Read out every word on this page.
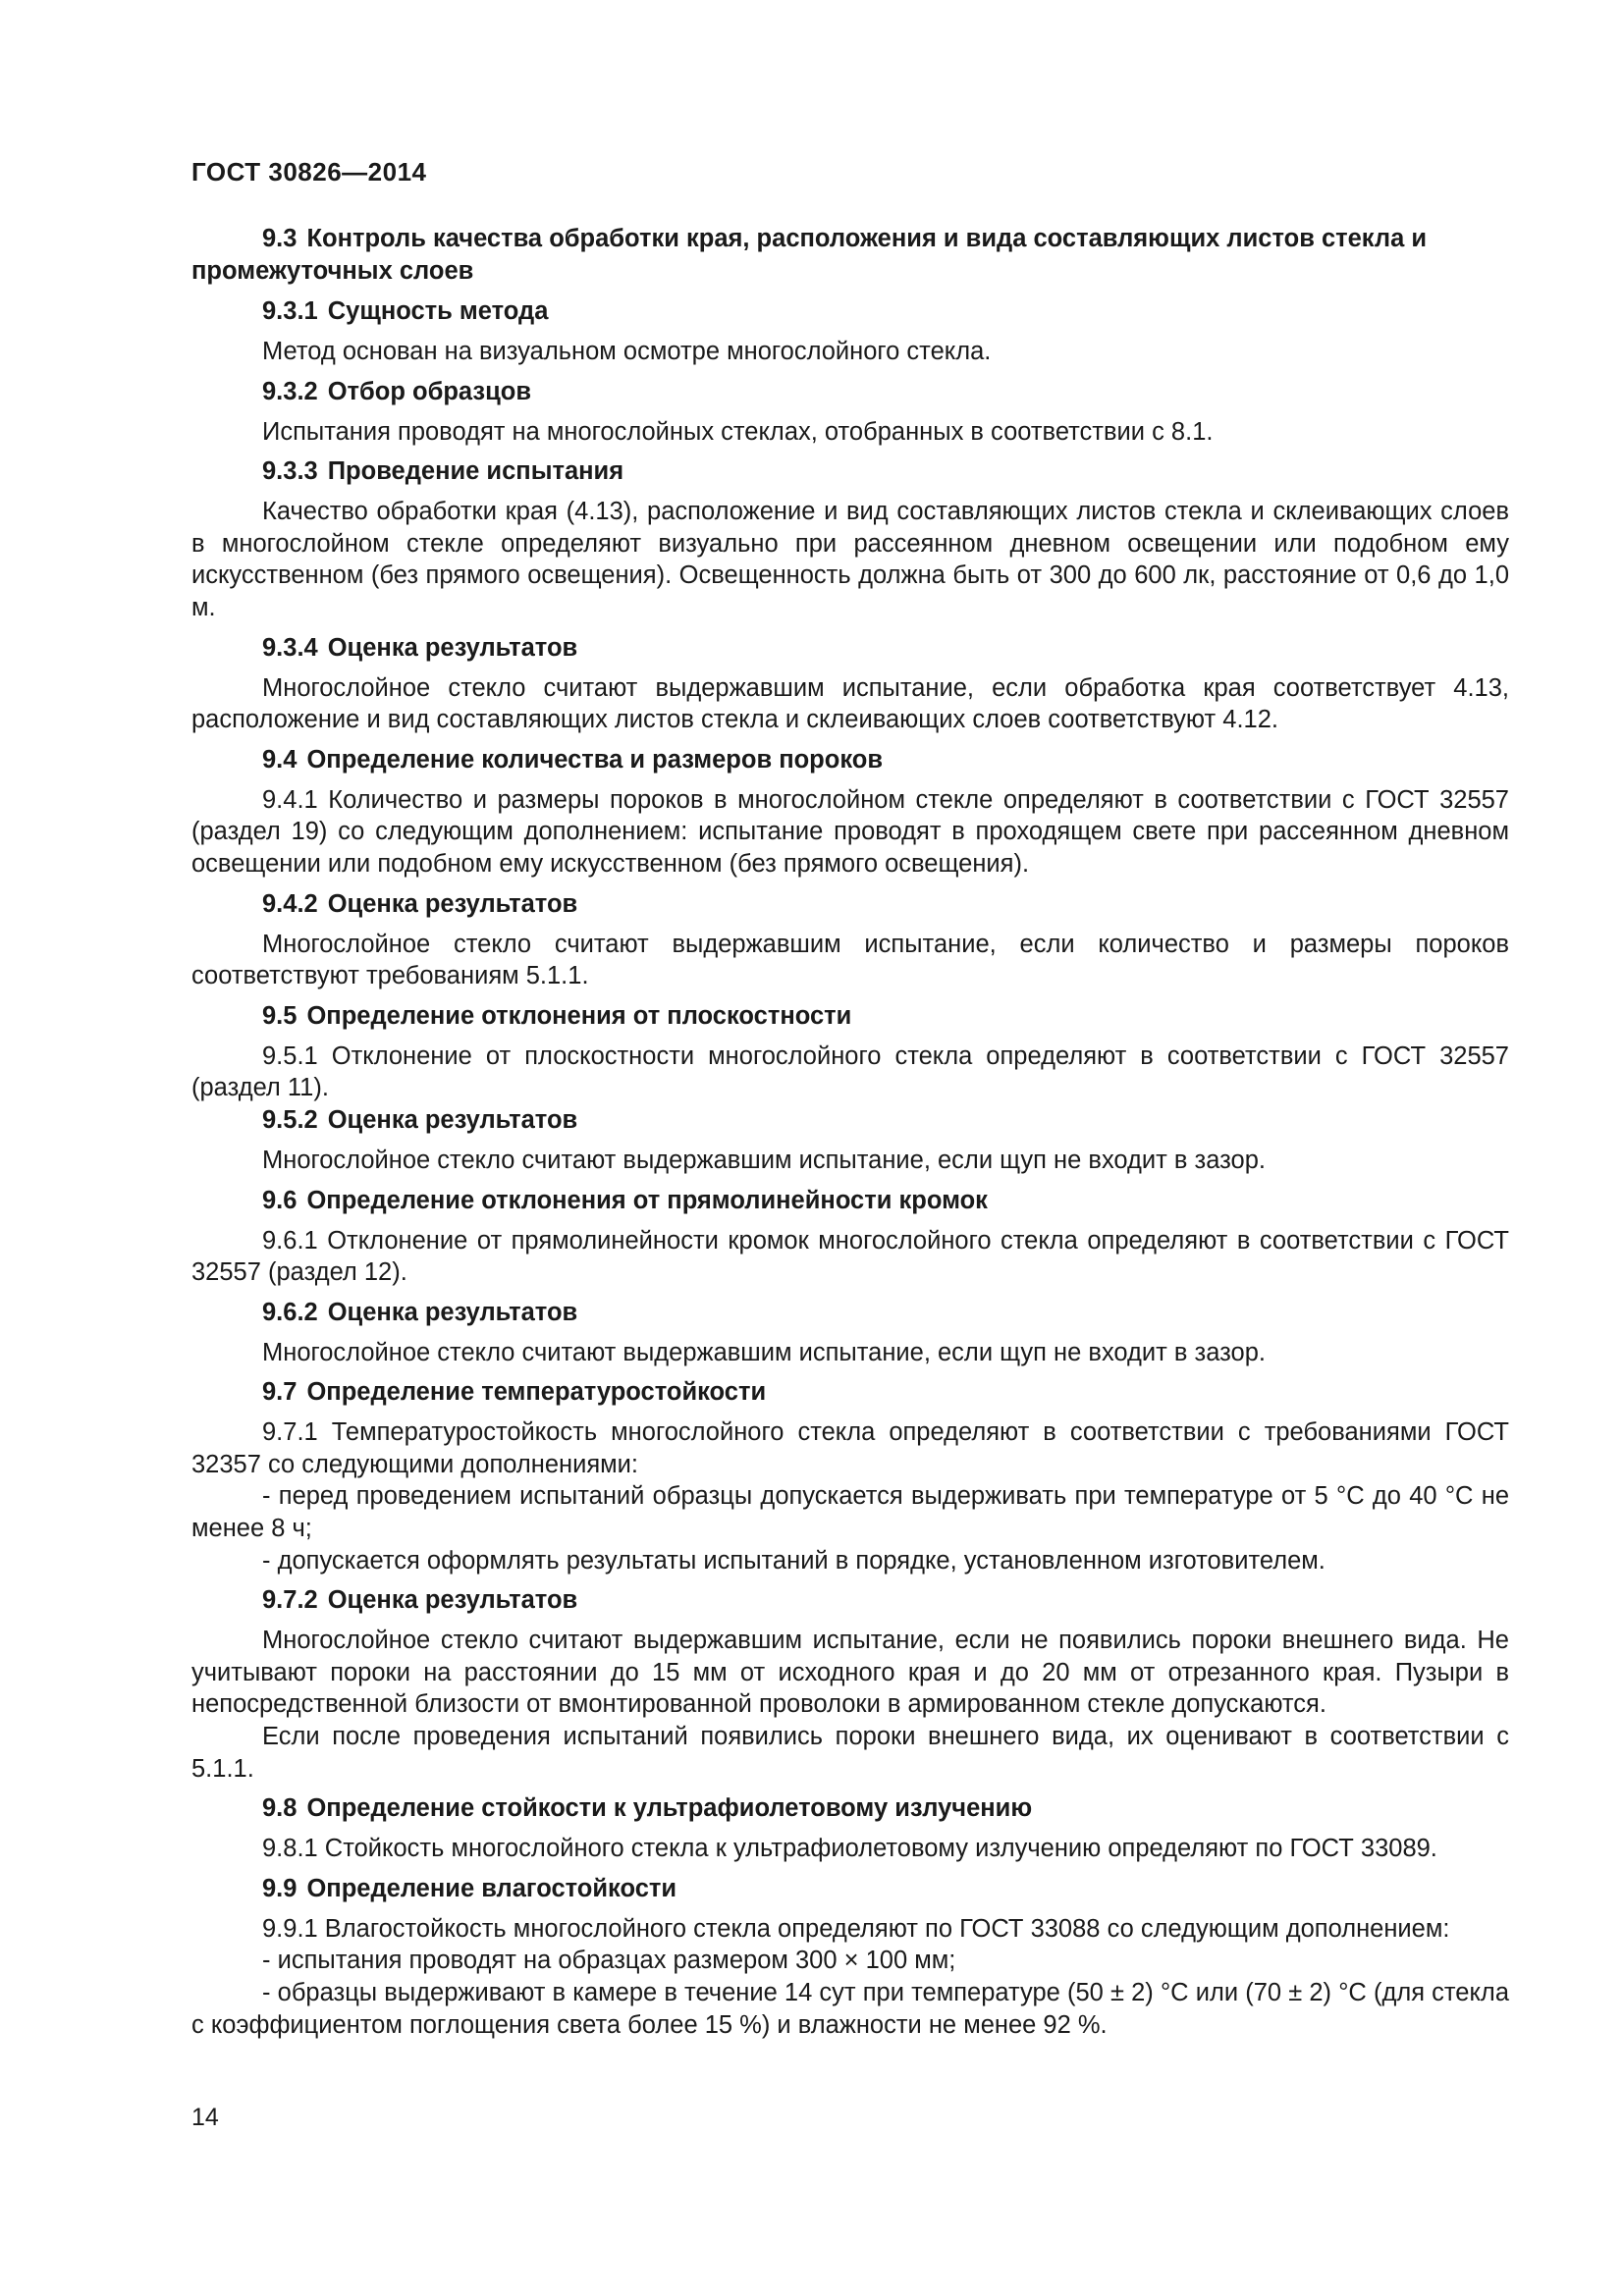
ГОСТ 30826—2014
9.3 Контроль качества обработки края, расположения и вида составляющих листов стекла и промежуточных слоев
9.3.1 Сущность метода
Метод основан на визуальном осмотре многослойного стекла.
9.3.2 Отбор образцов
Испытания проводят на многослойных стеклах, отобранных в соответствии с 8.1.
9.3.3 Проведение испытания
Качество обработки края (4.13), расположение и вид составляющих листов стекла и склеивающих слоев в многослойном стекле определяют визуально при рассеянном дневном освещении или подобном ему искусственном (без прямого освещения). Освещенность должна быть от 300 до 600 лк, расстояние от 0,6 до 1,0 м.
9.3.4 Оценка результатов
Многослойное стекло считают выдержавшим испытание, если обработка края соответствует 4.13, расположение и вид составляющих листов стекла и склеивающих слоев соответствуют 4.12.
9.4 Определение количества и размеров пороков
9.4.1 Количество и размеры пороков в многослойном стекле определяют в соответствии с ГОСТ 32557 (раздел 19) со следующим дополнением: испытание проводят в проходящем свете при рассеянном дневном освещении или подобном ему искусственном (без прямого освещения).
9.4.2 Оценка результатов
Многослойное стекло считают выдержавшим испытание, если количество и размеры пороков соответствуют требованиям 5.1.1.
9.5 Определение отклонения от плоскостности
9.5.1 Отклонение от плоскостности многослойного стекла определяют в соответствии с ГОСТ 32557 (раздел 11).
9.5.2 Оценка результатов
Многослойное стекло считают выдержавшим испытание, если щуп не входит в зазор.
9.6 Определение отклонения от прямолинейности кромок
9.6.1 Отклонение от прямолинейности кромок многослойного стекла определяют в соответствии с ГОСТ 32557 (раздел 12).
9.6.2 Оценка результатов
Многослойное стекло считают выдержавшим испытание, если щуп не входит в зазор.
9.7 Определение температуростойкости
9.7.1 Температуростойкость многослойного стекла определяют в соответствии с требованиями ГОСТ 32357 со следующими дополнениями:
- перед проведением испытаний образцы допускается выдерживать при температуре от 5 °С до 40 °С не менее 8 ч;
- допускается оформлять результаты испытаний в порядке, установленном изготовителем.
9.7.2 Оценка результатов
Многослойное стекло считают выдержавшим испытание, если не появились пороки внешнего вида. Не учитывают пороки на расстоянии до 15 мм от исходного края и до 20 мм от отрезанного края. Пузыри в непосредственной близости от вмонтированной проволоки в армированном стекле допускаются.
Если после проведения испытаний появились пороки внешнего вида, их оценивают в соответствии с 5.1.1.
9.8 Определение стойкости к ультрафиолетовому излучению
9.8.1 Стойкость многослойного стекла к ультрафиолетовому излучению определяют по ГОСТ 33089.
9.9 Определение влагостойкости
9.9.1 Влагостойкость многослойного стекла определяют по ГОСТ 33088 со следующим дополнением:
- испытания проводят на образцах размером 300 × 100 мм;
- образцы выдерживают в камере в течение 14 сут при температуре (50 ± 2) °С или (70 ± 2) °С (для стекла с коэффициентом поглощения света более 15 %) и влажности не менее 92 %.
14
